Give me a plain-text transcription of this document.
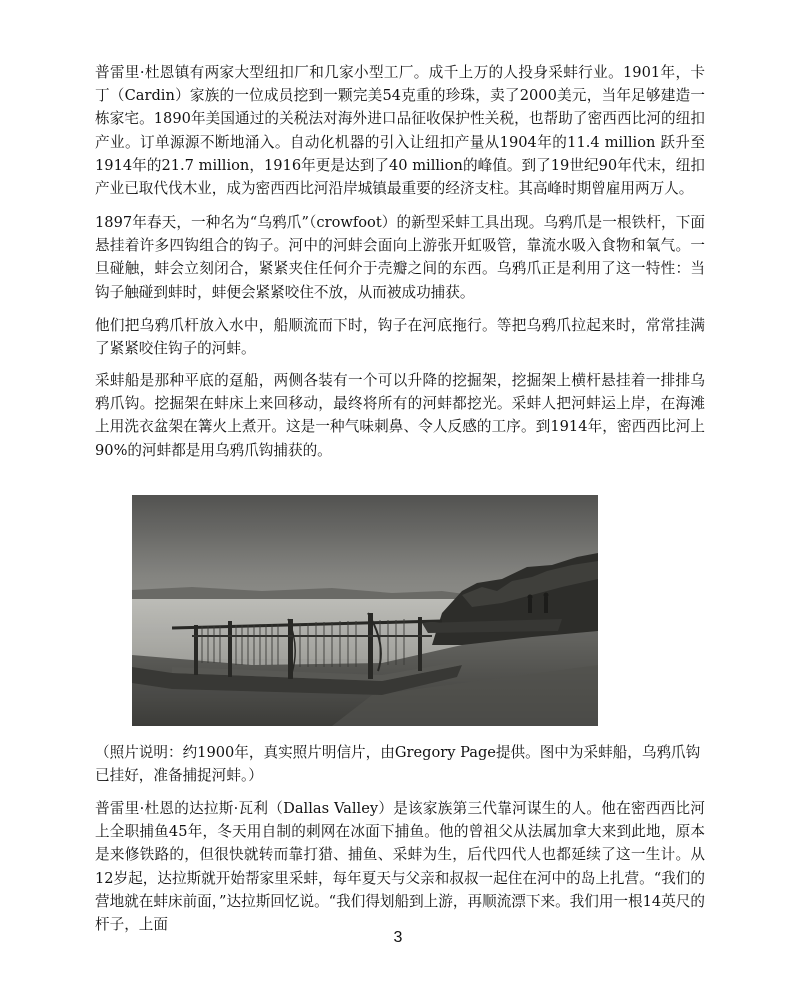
普雷里·杜恩镇有两家大型纽扣厂和几家小型工厂。成千上万的人投身采蚌行业。1901年，卡丁（Cardin）家族的一位成员挖到一颗完美54克重的珍珠，卖了2000美元，当年足够建造一栋家宅。1890年美国通过的关税法对海外进口品征收保护性关税，也帮助了密西西比河的纽扣产业。订单源源不断地涌入。自动化机器的引入让纽扣产量从1904年的11.4 million 跃升至1914年的21.7 million，1916年更是达到了40 million的峰值。到了19世纪90年代末，纽扣产业已取代伐木业，成为密西西比河沿岸城镇最重要的经济支柱。其高峰时期曾雇用两万人。

1897年春天，一种名为“乌鸦爪”（crowfoot）的新型采蚌工具出现。乌鸦爪是一根铁杆，下面悬挂着许多四钩组合的钩子。河中的河蚌会面向上游张开虹吸管，靠流水吸入食物和氧气。一旦碰触，蚌会立刻闭合，紧紧夹住任何介于壳瓣之间的东西。乌鸦爪正是利用了这一特性：当钩子触碰到蚌时，蚌便会紧紧咬住不放，从而被成功捕获。

他们把乌鸦爪杆放入水中，船顺流而下时，钩子在河底拖行。等把乌鸦爪拉起来时，常常挂满了紧紧咬住钩子的河蚌。

采蚌船是那种平底的趸船，两侧各装有一个可以升降的挖掘架，挖掘架上横杆悬挂着一排排乌鸦爪钩。挖掘架在蚌床上来回移动，最终将所有的河蚌都挖光。采蚌人把河蚌运上岸，在海滩上用洗衣盆架在篝火上煮开。这是一种气味刺鼻、令人反感的工序。到1914年，密西西比河上90%的河蚌都是用乌鸦爪钩捕获的。

（照片说明：约1900年，真实照片明信片，由Gregory Page提供。图中为采蚌船，乌鸦爪钩已挂好，准备捕捉河蚌。）

普雷里·杜恩的达拉斯·瓦利（Dallas Valley）是该家族第三代靠河谋生的人。他在密西西比河上全职捕鱼45年，冬天用自制的刺网在冰面下捕鱼。他的曾祖父从法属加拿大来到此地，原本是来修铁路的，但很快就转而靠打猎、捕鱼、采蚌为生，后代四代人也都延续了这一生计。从12岁起，达拉斯就开始帮家里采蚌，每年夏天与父亲和叔叔一起住在河中的岛上扎营。“我们的营地就在蚌床前面，”达拉斯回忆说。“我们得划船到上游，再顺流漂下来。我们用一根14英尺的杆子，上面

3
